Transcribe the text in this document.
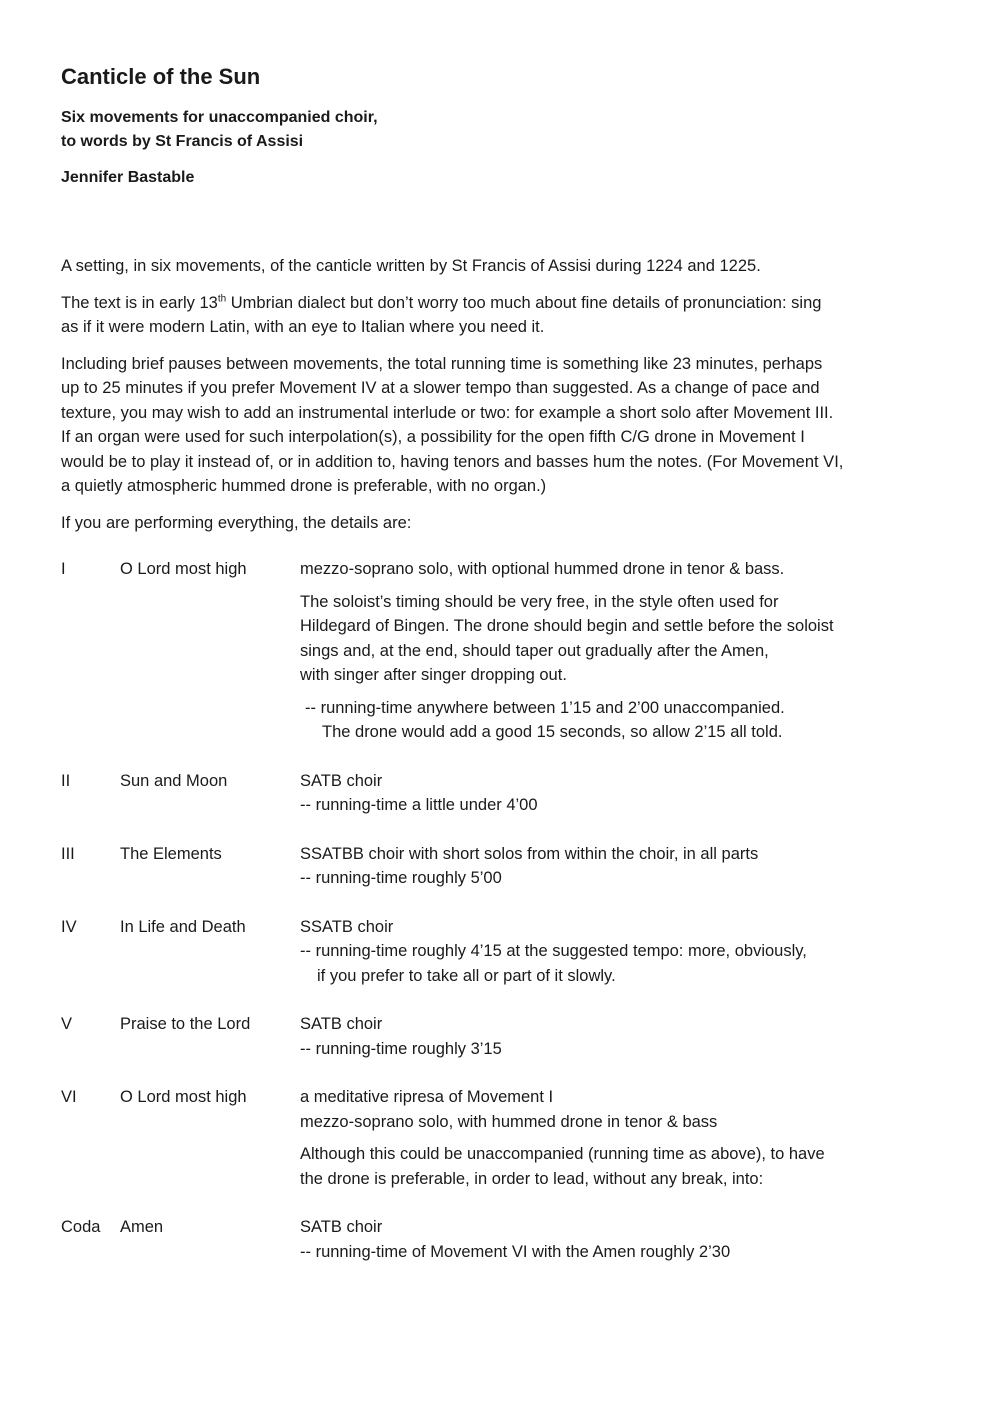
Canticle of the Sun
Six movements for unaccompanied choir,
to words by St Francis of Assisi
Jennifer Bastable

A setting, in six movements, of the canticle written by St Francis of Assisi during 1224 and 1225.

The text is in early 13th Umbrian dialect but don’t worry too much about fine details of pronunciation: sing
as if it were modern Latin, with an eye to Italian where you need it.
Including brief pauses between movements, the total running time is something like 23 minutes, perhaps
up to 25 minutes if you prefer Movement IV at a slower tempo than suggested. As a change of pace and
texture, you may wish to add an instrumental interlude or two: for example a short solo after Movement III.
If an organ were used for such interpolation(s), a possibility for the open fifth C/G drone in Movement I
would be to play it instead of, or in addition to, having tenors and basses hum the notes. (For Movement VI,
a quietly atmospheric hummed drone is preferable, with no organ.)

If you are performing everything, the details are:

I	O Lord most high	mezzo-soprano solo, with optional hummed drone in tenor & bass.
The soloist’s timing should be very free, in the style often used for
Hildegard of Bingen. The drone should begin and settle before the soloist
sings and, at the end, should taper out gradually after the Amen,
with singer after singer dropping out.
-- running-time anywhere between 1’15 and 2’00 unaccompanied.
The drone would add a good 15 seconds, so allow 2’15 all told.
II	Sun and Moon	SATB choir
-- running-time a little under 4’00
III	The Elements	SSATBB choir with short solos from within the choir, in all parts
-- running-time roughly 5’00
IV	In Life and Death	SSATB choir
-- running-time roughly 4’15 at the suggested tempo: more, obviously,
if you prefer to take all or part of it slowly.
V	Praise to the Lord	SATB choir
-- running-time roughly 3’15
VI	O Lord most high	a meditative ripresa of Movement I
mezzo-soprano solo, with hummed drone in tenor & bass
Although this could be unaccompanied (running time as above), to have
the drone is preferable, in order to lead, without any break, into:
Coda	Amen	SATB choir
-- running-time of Movement VI with the Amen roughly 2’30
